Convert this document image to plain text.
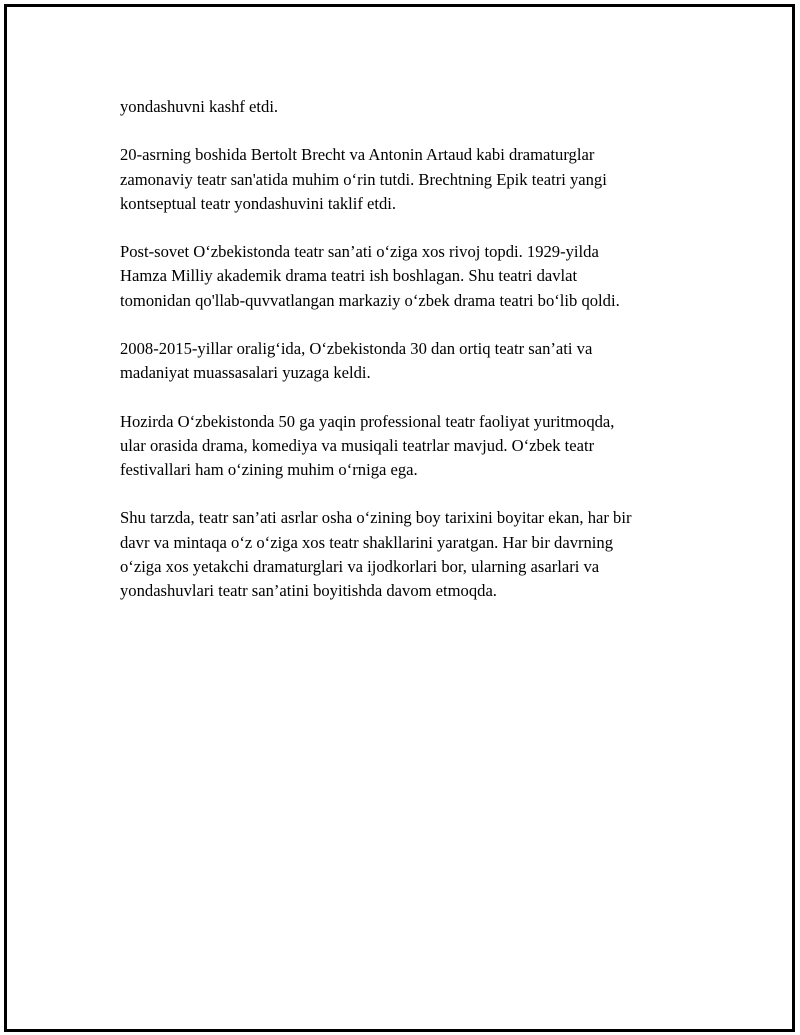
yondashuvni kashf etdi.

20-asrning boshida Bertolt Brecht va Antonin Artaud kabi dramaturglar
zamonaviy teatr san'atida muhim o‘rin tutdi. Brechtning Epik teatri yangi
kontseptual teatr yondashuvini taklif etdi.

Post-sovet O‘zbekistonda teatr san’ati o‘ziga xos rivoj topdi. 1929-yilda
Hamza Milliy akademik drama teatri ish boshlagan. Shu teatri davlat
tomonidan qo'llab-quvvatlangan markaziy o‘zbek drama teatri bo‘lib qoldi.

2008-2015-yillar oralig‘ida, O‘zbekistonda 30 dan ortiq teatr san’ati va
madaniyat muassasalari yuzaga keldi.

Hozirda O‘zbekistonda 50 ga yaqin professional teatr faoliyat yuritmoqda,
ular orasida drama, komediya va musiqali teatrlar mavjud. O‘zbek teatr
festivallari ham o‘zining muhim o‘rniga ega.

Shu tarzda, teatr san’ati asrlar osha o‘zining boy tarixini boyitar ekan, har bir
davr va mintaqa o‘z o‘ziga xos teatr shakllarini yaratgan. Har bir davrning
o‘ziga xos yetakchi dramaturglari va ijodkorlari bor, ularning asarlari va
yondashuvlari teatr san’atini boyitishda davom etmoqda.
